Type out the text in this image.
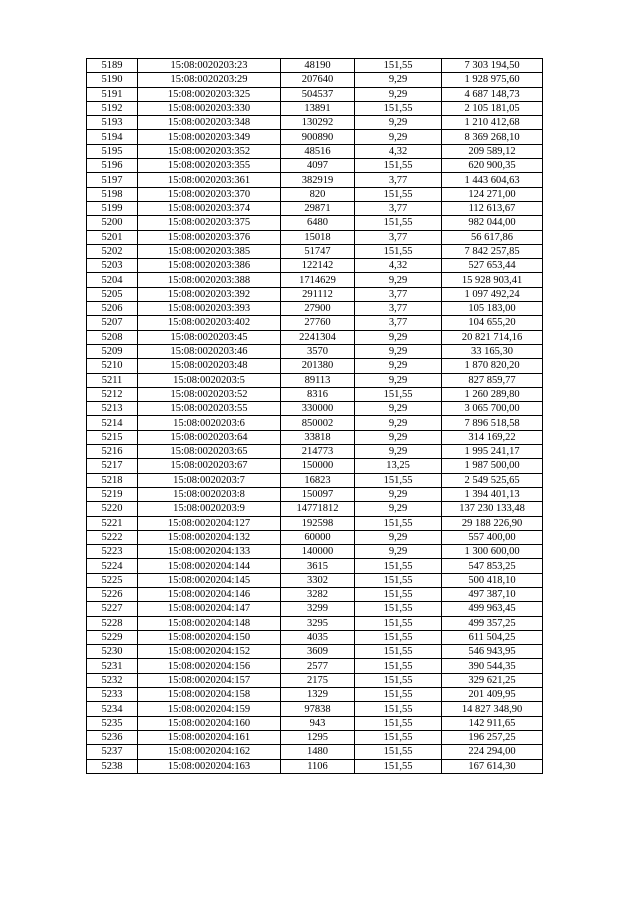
5189	15:08:0020203:23	48190	151,55	7 303 194,50
5190	15:08:0020203:29	207640	9,29	1 928 975,60
5191	15:08:0020203:325	504537	9,29	4 687 148,73
5192	15:08:0020203:330	13891	151,55	2 105 181,05
5193	15:08:0020203:348	130292	9,29	1 210 412,68
5194	15:08:0020203:349	900890	9,29	8 369 268,10
5195	15:08:0020203:352	48516	4,32	209 589,12
5196	15:08:0020203:355	4097	151,55	620 900,35
5197	15:08:0020203:361	382919	3,77	1 443 604,63
5198	15:08:0020203:370	820	151,55	124 271,00
5199	15:08:0020203:374	29871	3,77	112 613,67
5200	15:08:0020203:375	6480	151,55	982 044,00
5201	15:08:0020203:376	15018	3,77	56 617,86
5202	15:08:0020203:385	51747	151,55	7 842 257,85
5203	15:08:0020203:386	122142	4,32	527 653,44
5204	15:08:0020203:388	1714629	9,29	15 928 903,41
5205	15:08:0020203:392	291112	3,77	1 097 492,24
5206	15:08:0020203:393	27900	3,77	105 183,00
5207	15:08:0020203:402	27760	3,77	104 655,20
5208	15:08:0020203:45	2241304	9,29	20 821 714,16
5209	15:08:0020203:46	3570	9,29	33 165,30
5210	15:08:0020203:48	201380	9,29	1 870 820,20
5211	15:08:0020203:5	89113	9,29	827 859,77
5212	15:08:0020203:52	8316	151,55	1 260 289,80
5213	15:08:0020203:55	330000	9,29	3 065 700,00
5214	15:08:0020203:6	850002	9,29	7 896 518,58
5215	15:08:0020203:64	33818	9,29	314 169,22
5216	15:08:0020203:65	214773	9,29	1 995 241,17
5217	15:08:0020203:67	150000	13,25	1 987 500,00
5218	15:08:0020203:7	16823	151,55	2 549 525,65
5219	15:08:0020203:8	150097	9,29	1 394 401,13
5220	15:08:0020203:9	14771812	9,29	137 230 133,48
5221	15:08:0020204:127	192598	151,55	29 188 226,90
5222	15:08:0020204:132	60000	9,29	557 400,00
5223	15:08:0020204:133	140000	9,29	1 300 600,00
5224	15:08:0020204:144	3615	151,55	547 853,25
5225	15:08:0020204:145	3302	151,55	500 418,10
5226	15:08:0020204:146	3282	151,55	497 387,10
5227	15:08:0020204:147	3299	151,55	499 963,45
5228	15:08:0020204:148	3295	151,55	499 357,25
5229	15:08:0020204:150	4035	151,55	611 504,25
5230	15:08:0020204:152	3609	151,55	546 943,95
5231	15:08:0020204:156	2577	151,55	390 544,35
5232	15:08:0020204:157	2175	151,55	329 621,25
5233	15:08:0020204:158	1329	151,55	201 409,95
5234	15:08:0020204:159	97838	151,55	14 827 348,90
5235	15:08:0020204:160	943	151,55	142 911,65
5236	15:08:0020204:161	1295	151,55	196 257,25
5237	15:08:0020204:162	1480	151,55	224 294,00
5238	15:08:0020204:163	1106	151,55	167 614,30
